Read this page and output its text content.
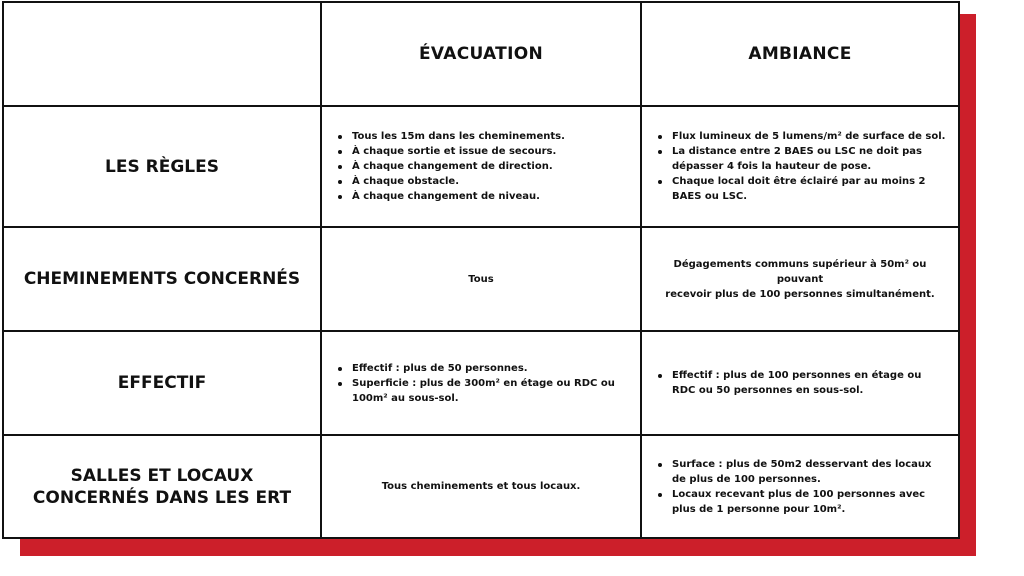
ÉVACUATION	AMBIANCE
LES RÈGLES
Tous les 15m dans les cheminements.
À chaque sortie et issue de secours.
À chaque changement de direction.
À chaque obstacle.
À chaque changement de niveau.
Flux lumineux de 5 lumens/m² de surface de sol.
La distance entre 2 BAES ou LSC ne doit pas dépasser 4 fois la hauteur de pose.
Chaque local doit être éclairé par au moins 2 BAES ou LSC.
CHEMINEMENTS CONCERNÉS	Tous
Dégagements communs supérieur à 50m² ou pouvant
recevoir plus de 100 personnes simultanément.
EFFECTIF
Effectif : plus de 50 personnes.
Superficie : plus de 300m² en étage ou RDC ou 100m² au sous-sol.
Effectif : plus de 100 personnes en étage ou RDC ou 50 personnes en sous-sol.
SALLES ET LOCAUX
CONCERNÉS DANS LES ERT
Tous cheminements et tous locaux.
Surface : plus de 50m2 desservant des locaux de plus de 100 personnes.
Locaux recevant plus de 100 personnes avec plus de 1 personne pour 10m².
